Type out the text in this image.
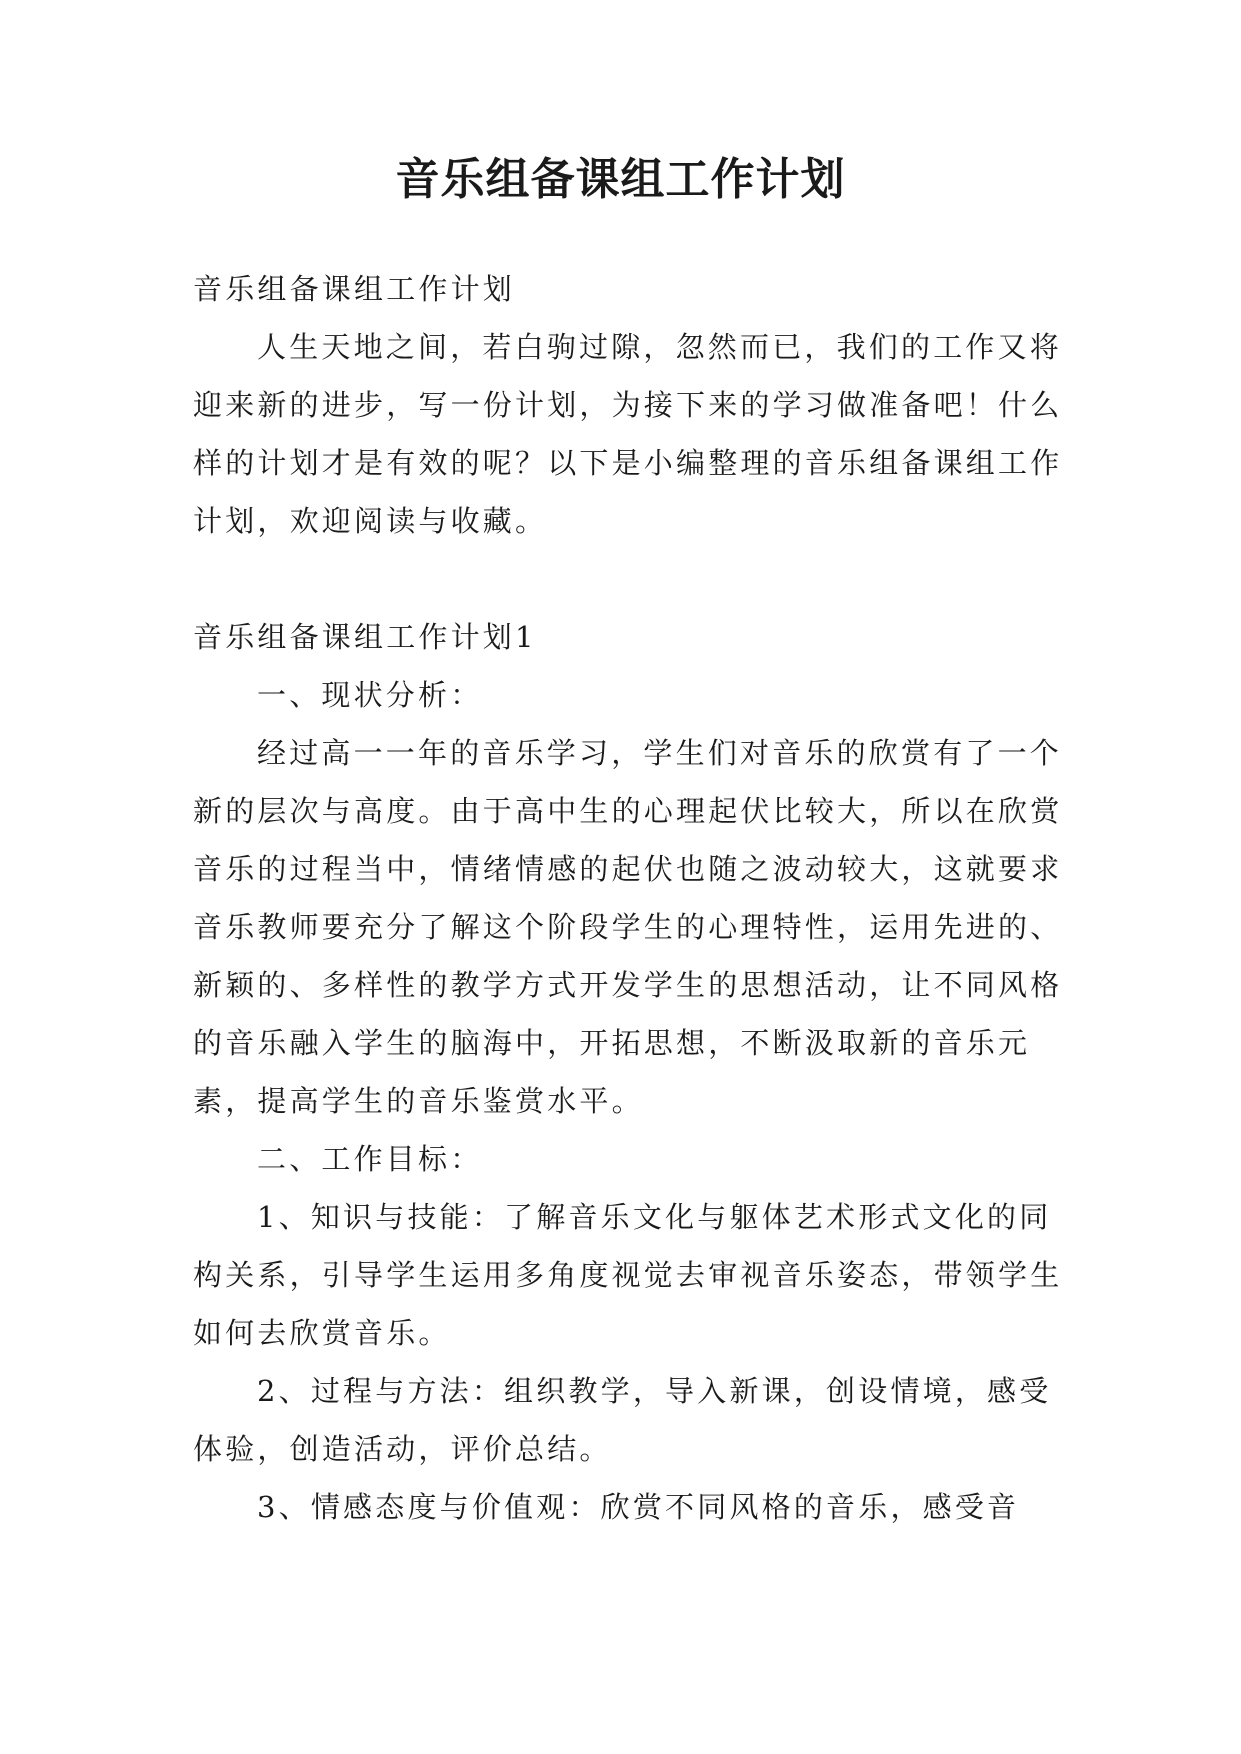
音乐组备课组工作计划

音乐组备课组工作计划

人生天地之间，若白驹过隙，忽然而已，我们的工作又将迎来新的进步，写一份计划，为接下来的学习做准备吧！什么样的计划才是有效的呢？以下是小编整理的音乐组备课组工作计划，欢迎阅读与收藏。

音乐组备课组工作计划1

一、现状分析：

经过高一一年的音乐学习，学生们对音乐的欣赏有了一个新的层次与高度。由于高中生的心理起伏比较大，所以在欣赏音乐的过程当中，情绪情感的起伏也随之波动较大，这就要求音乐教师要充分了解这个阶段学生的心理特性，运用先进的、新颖的、多样性的教学方式开发学生的思想活动，让不同风格的音乐融入学生的脑海中，开拓思想，不断汲取新的音乐元素，提高学生的音乐鉴赏水平。

二、工作目标：

1、知识与技能：了解音乐文化与躯体艺术形式文化的同构关系，引导学生运用多角度视觉去审视音乐姿态，带领学生如何去欣赏音乐。

2、过程与方法：组织教学，导入新课，创设情境，感受体验，创造活动，评价总结。

3、情感态度与价值观：欣赏不同风格的音乐，感受音
